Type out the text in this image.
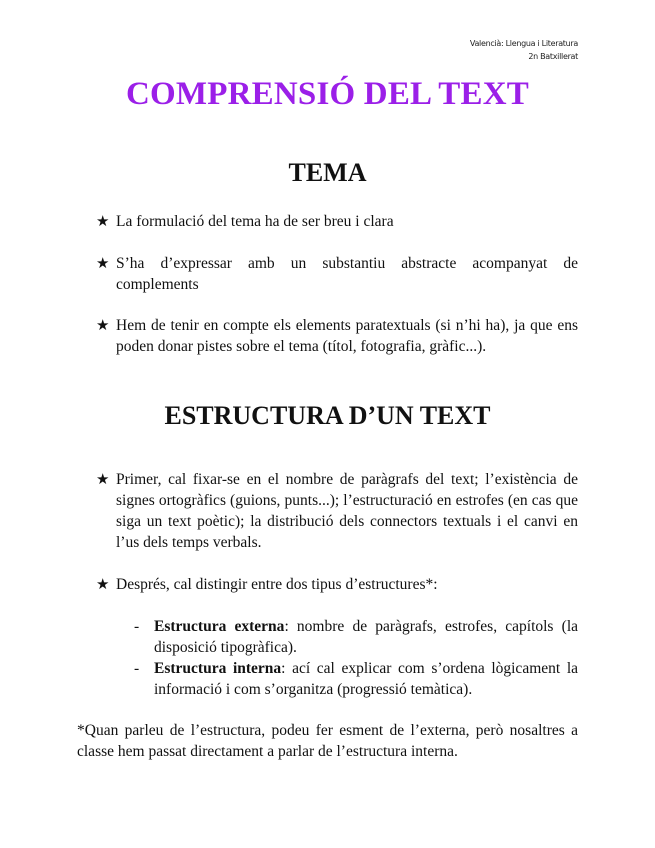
Valencià: Llengua i Literatura
2n Batxillerat
COMPRENSIÓ DEL TEXT
TEMA
★ La formulació del tema ha de ser breu i clara
★ S’ha d’expressar amb un substantiu abstracte acompanyat de complements
★ Hem de tenir en compte els elements paratextuals (si n’hi ha), ja que ens poden donar pistes sobre el tema (títol, fotografia, gràfic...).
ESTRUCTURA D’UN TEXT
★ Primer, cal fixar-se en el nombre de paràgrafs del text; l’existència de signes ortogràfics (guions, punts...); l’estructuració en estrofes (en cas que siga un text poètic); la distribució dels connectors textuals i el canvi en l’us dels temps verbals.
★ Després, cal distingir entre dos tipus d’estructures*:
- Estructura externa: nombre de paràgrafs, estrofes, capítols (la disposició tipogràfica).
- Estructura interna: ací cal explicar com s’ordena lògicament la informació i com s’organitza (progressió temàtica).

*Quan parleu de l’estructura, podeu fer esment de l’externa, però nosaltres a classe hem passat directament a parlar de l’estructura interna.
